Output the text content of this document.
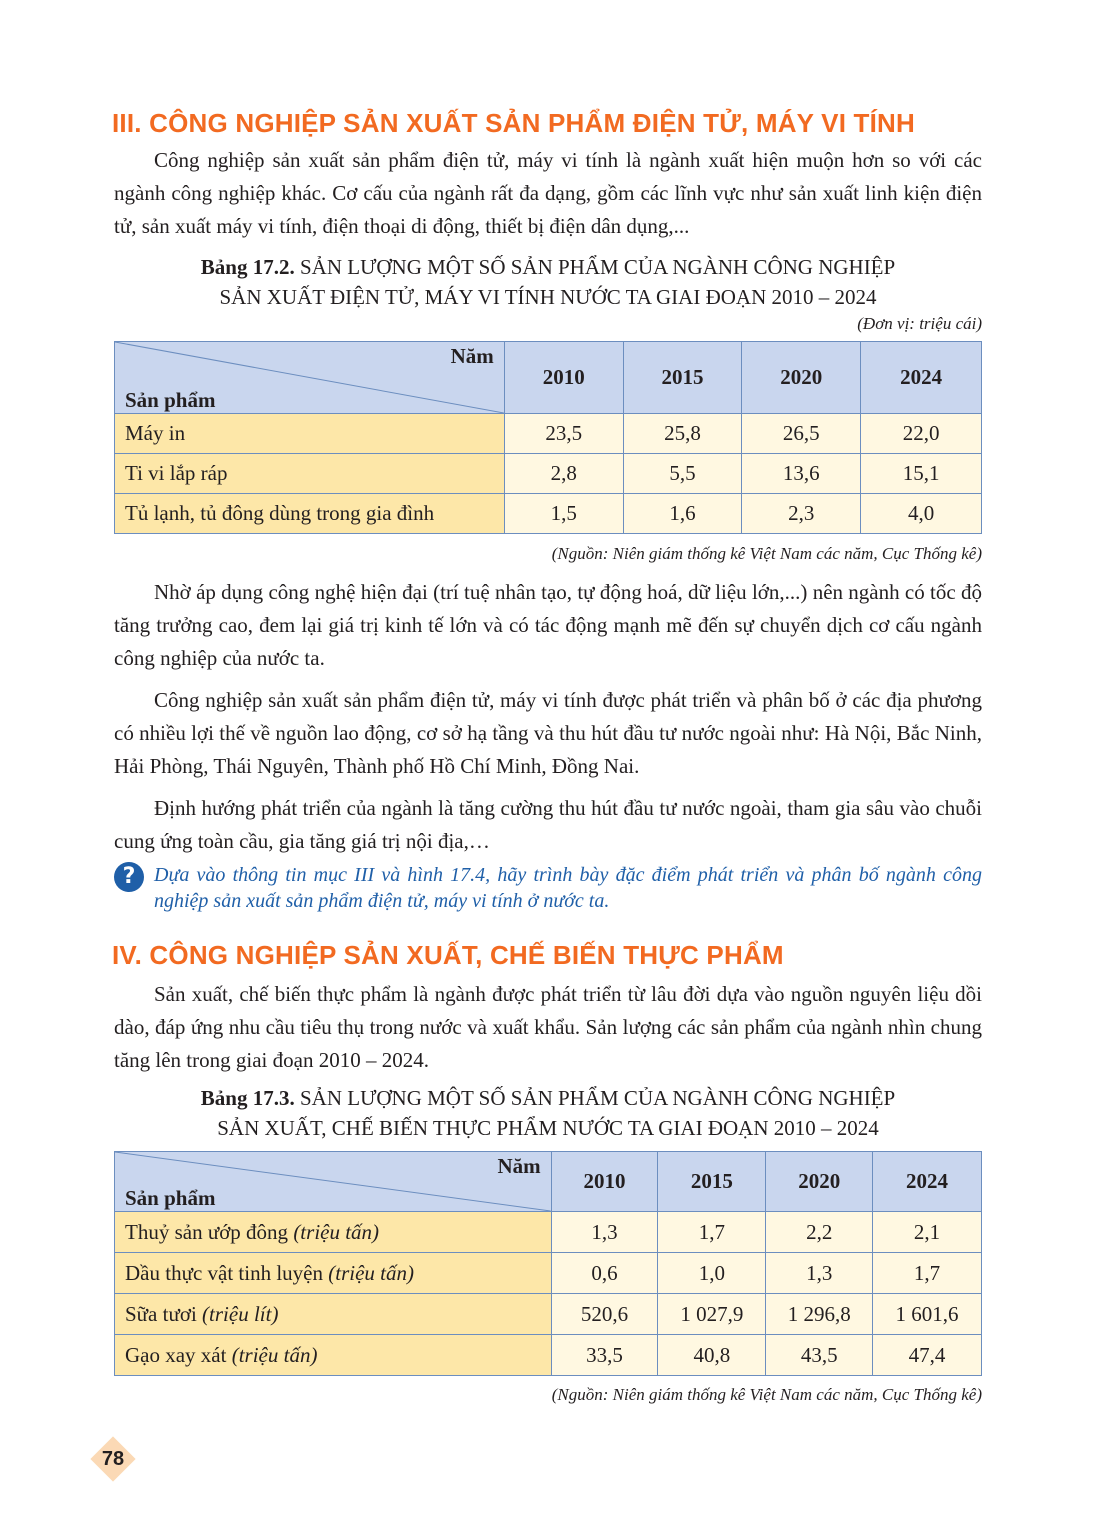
III. CÔNG NGHIỆP SẢN XUẤT SẢN PHẨM ĐIỆN TỬ, MÁY VI TÍNH

Công nghiệp sản xuất sản phẩm điện tử, máy vi tính là ngành xuất hiện muộn hơn so với các ngành công nghiệp khác. Cơ cấu của ngành rất đa dạng, gồm các lĩnh vực như sản xuất linh kiện điện tử, sản xuất máy vi tính, điện thoại di động, thiết bị điện dân dụng,...

Bảng 17.2. SẢN LƯỢNG MỘT SỐ SẢN PHẨM CỦA NGÀNH CÔNG NGHIỆP
SẢN XUẤT ĐIỆN TỬ, MÁY VI TÍNH NƯỚC TA GIAI ĐOẠN 2010 – 2024

(Đơn vị: triệu cái)
Năm
Sản phẩm	2010	2015	2020	2024
Máy in	23,5	25,8	26,5	22,0
Ti vi lắp ráp	2,8	5,5	13,6	15,1
Tủ lạnh, tủ đông dùng trong gia đình	1,5	1,6	2,3	4,0
(Nguồn: Niên giám thống kê Việt Nam các năm, Cục Thống kê)

Nhờ áp dụng công nghệ hiện đại (trí tuệ nhân tạo, tự động hoá, dữ liệu lớn,...) nên ngành có tốc độ tăng trưởng cao, đem lại giá trị kinh tế lớn và có tác động mạnh mẽ đến sự chuyển dịch cơ cấu ngành công nghiệp của nước ta.

Công nghiệp sản xuất sản phẩm điện tử, máy vi tính được phát triển và phân bố ở các địa phương có nhiều lợi thế về nguồn lao động, cơ sở hạ tầng và thu hút đầu tư nước ngoài như: Hà Nội, Bắc Ninh, Hải Phòng, Thái Nguyên, Thành phố Hồ Chí Minh, Đồng Nai.

Định hướng phát triển của ngành là tăng cường thu hút đầu tư nước ngoài, tham gia sâu vào chuỗi cung ứng toàn cầu, gia tăng giá trị nội địa,…

? Dựa vào thông tin mục III và hình 17.4, hãy trình bày đặc điểm phát triển và phân bố ngành công nghiệp sản xuất sản phẩm điện tử, máy vi tính ở nước ta.

IV. CÔNG NGHIỆP SẢN XUẤT, CHẾ BIẾN THỰC PHẨM

Sản xuất, chế biến thực phẩm là ngành được phát triển từ lâu đời dựa vào nguồn nguyên liệu dồi dào, đáp ứng nhu cầu tiêu thụ trong nước và xuất khẩu. Sản lượng các sản phẩm của ngành nhìn chung tăng lên trong giai đoạn 2010 – 2024.

Bảng 17.3. SẢN LƯỢNG MỘT SỐ SẢN PHẨM CỦA NGÀNH CÔNG NGHIỆP
SẢN XUẤT, CHẾ BIẾN THỰC PHẨM NƯỚC TA GIAI ĐOẠN 2010 – 2024

Năm
Sản phẩm	2010	2015	2020	2024
Thuỷ sản ướp đông (triệu tấn)	1,3	1,7	2,2	2,1
Dầu thực vật tinh luyện (triệu tấn)	0,6	1,0	1,3	1,7
Sữa tươi (triệu lít)	520,6	1 027,9	1 296,8	1 601,6
Gạo xay xát (triệu tấn)	33,5	40,8	43,5	47,4
(Nguồn: Niên giám thống kê Việt Nam các năm, Cục Thống kê)
78
